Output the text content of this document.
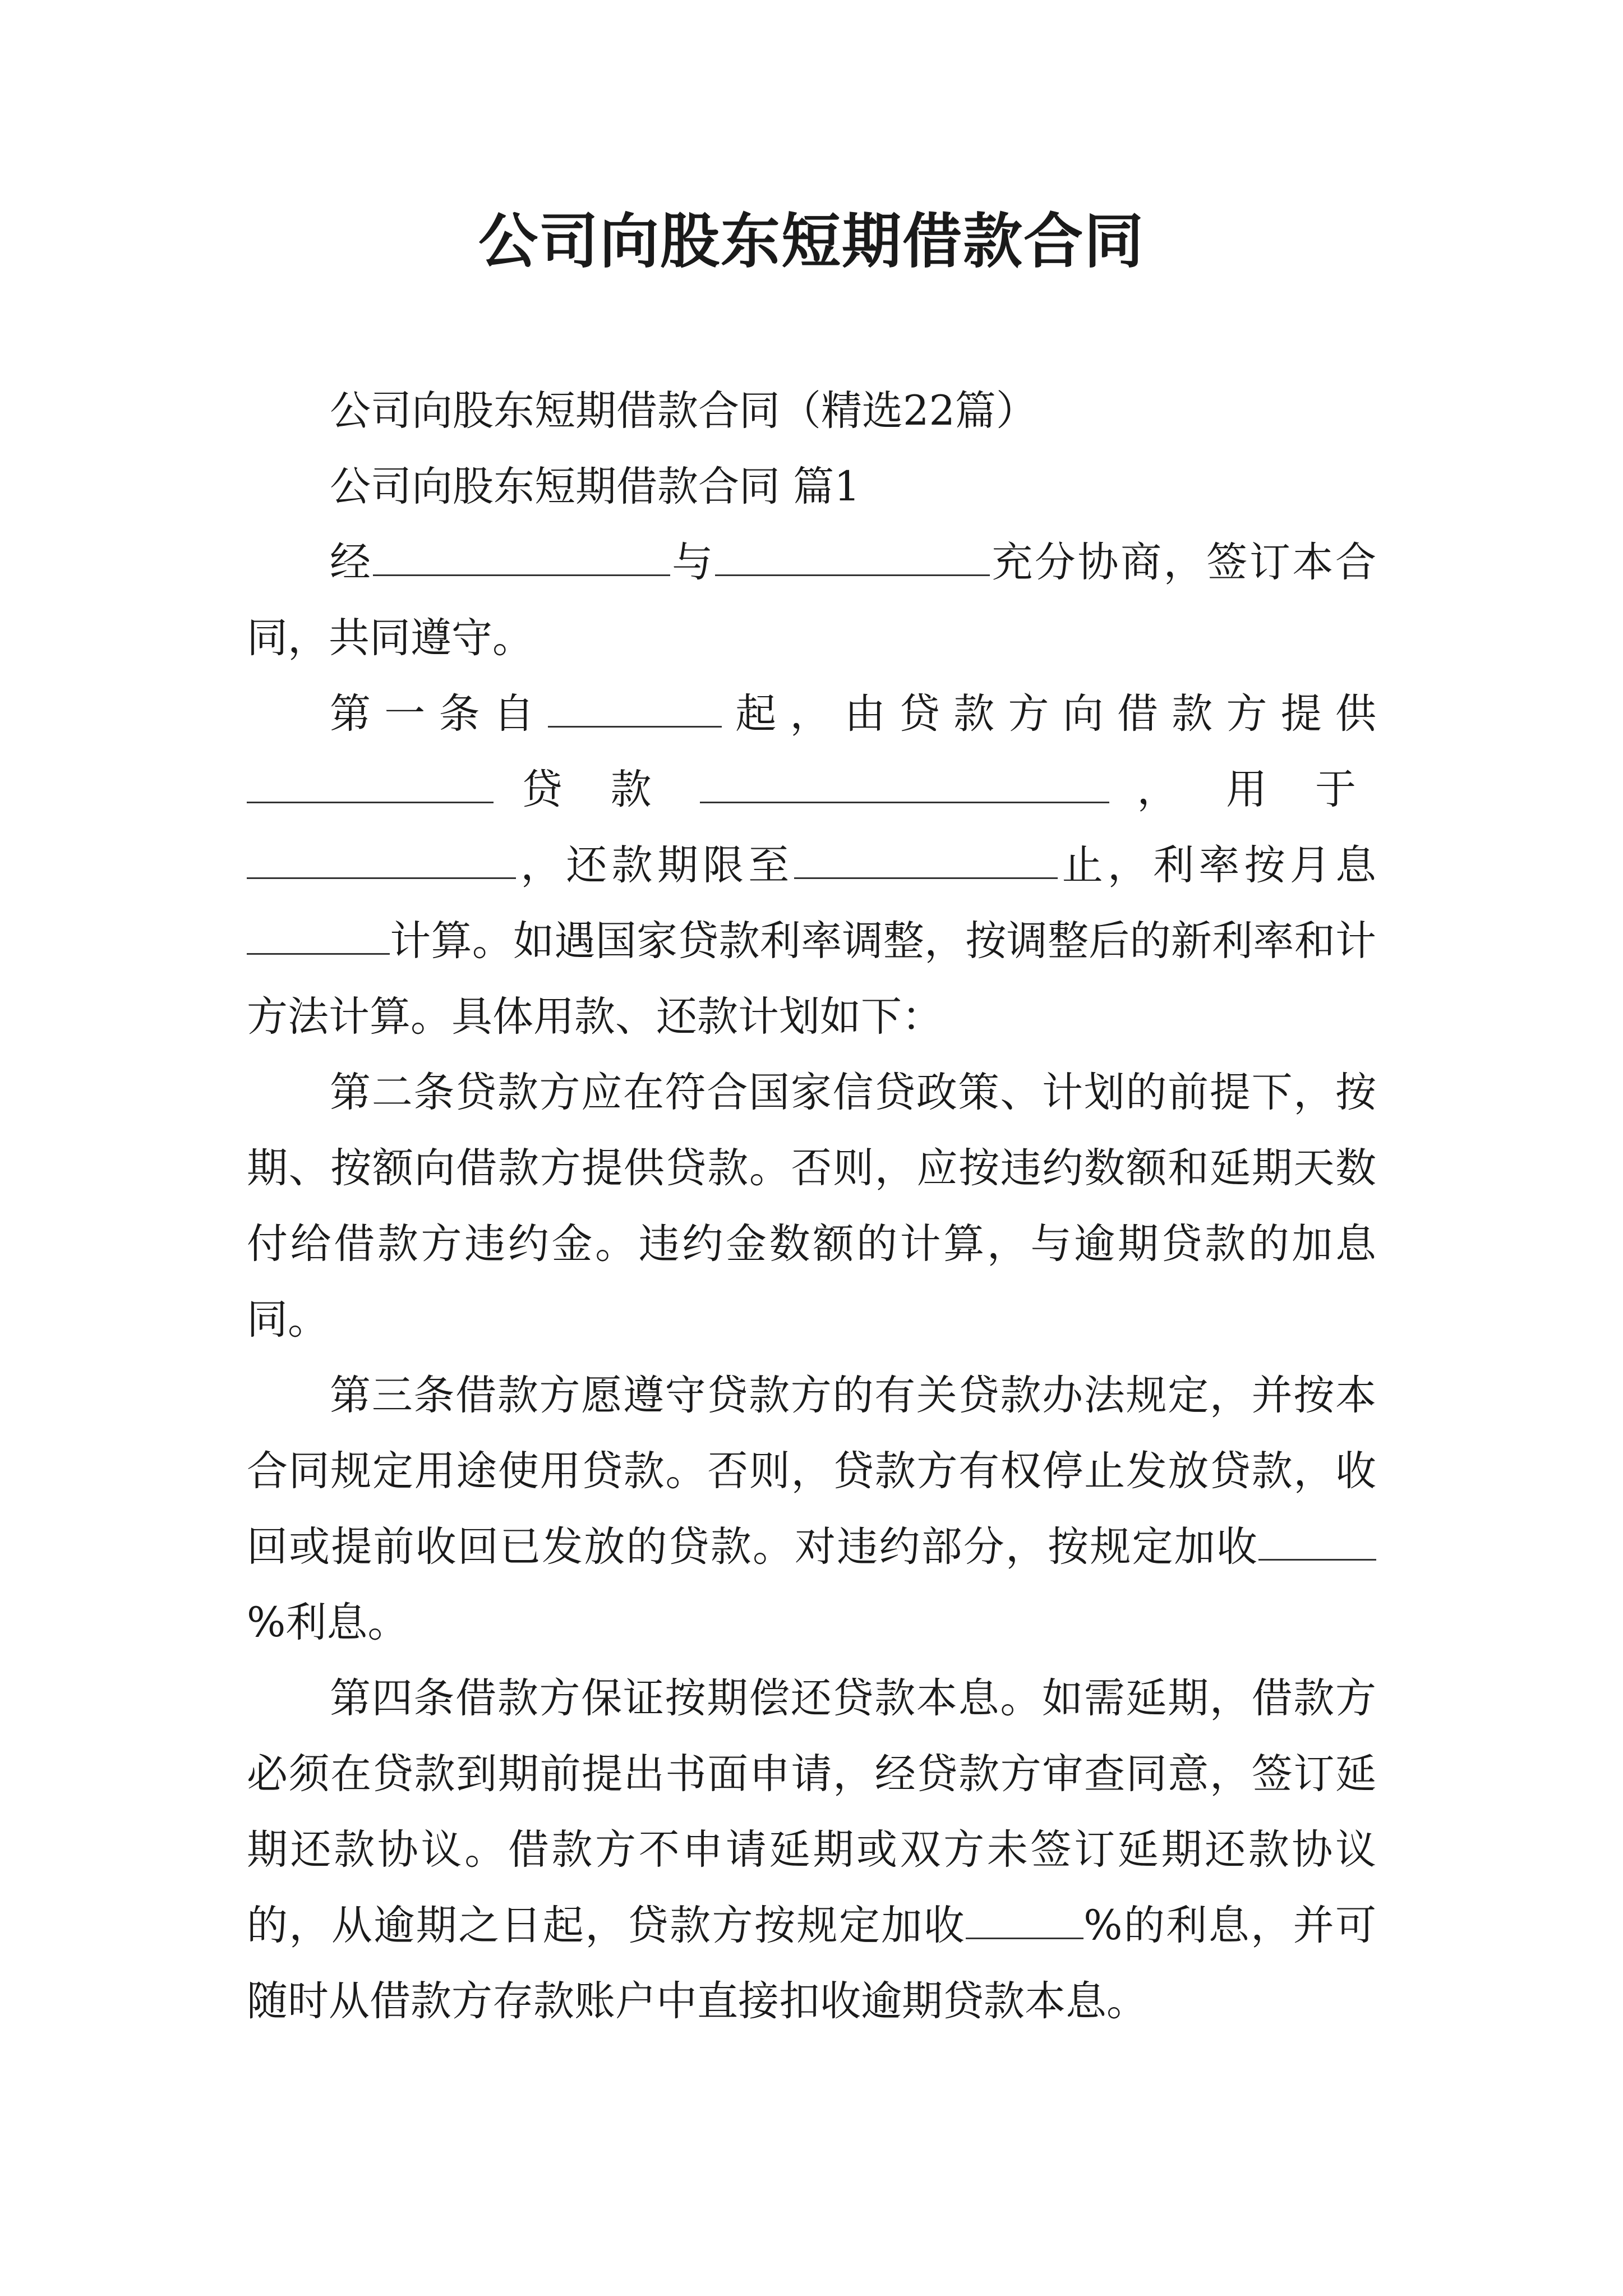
公司向股东短期借款合同

公司向股东短期借款合同（精选22篇）

公司向股东短期借款合同 篇1

经	与	充分协商，签订本合同，共同遵守。

第一条自	起，由贷款方向借款方提供贷款	，用于，还款期限至	止，利率按月息计算。如遇国家贷款利率调整，按调整后的新利率和计方法计算。具体用款、还款计划如下：

第二条贷款方应在符合国家信贷政策、计划的前提下，按期、按额向借款方提供贷款。否则，应按违约数额和延期天数付给借款方违约金。违约金数额的计算，与逾期贷款的加息同。

第三条借款方愿遵守贷款方的有关贷款办法规定，并按本合同规定用途使用贷款。否则，贷款方有权停止发放贷款，收回或提前收回已发放的贷款。对违约部分，按规定加收%利息。

第四条借款方保证按期偿还贷款本息。如需延期，借款方必须在贷款到期前提出书面申请，经贷款方审查同意，签订延期还款协议。借款方不申请延期或双方未签订延期还款协议的，从逾期之日起，贷款方按规定加收	%的利息，并可随时从借款方存款账户中直接扣收逾期贷款本息。
